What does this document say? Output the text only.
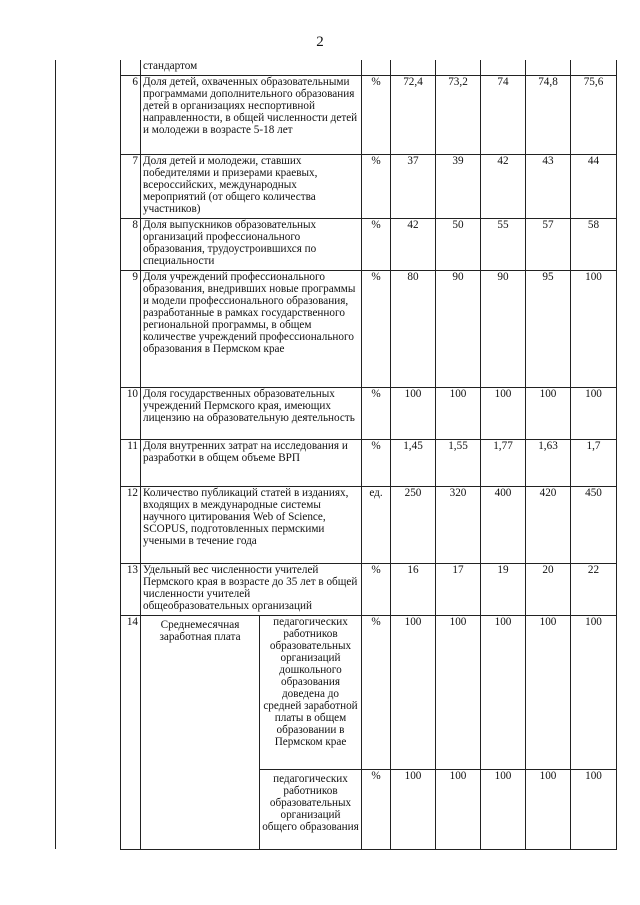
2
		стандартом							
	6	Доля детей, охваченных образовательными программами дополнительного образования детей в организациях неспортивной направленности, в общей численности детей и молодежи в возрасте 5-18 лет		%	72,4	73,2	74	74,8	75,6
	7	Доля детей и молодежи, ставших победителями и призерами краевых, всероссийских, международных мероприятий (от общего количества участников)		%	37	39	42	43	44
	8	Доля выпускников образовательных организаций профессионального образования, трудоустроившихся по специальности		%	42	50	55	57	58
	9	Доля учреждений профессионального образования, внедривших новые программы и модели профессионального образования, разработанные в рамках государственного региональной программы, в общем количестве учреждений профессионального образования в Пермском крае		%	80	90	90	95	100
	10	Доля государственных образовательных учреждений Пермского края, имеющих лицензию на образовательную деятельность		%	100	100	100	100	100
	11	Доля внутренних затрат на исследования и разработки в общем объеме ВРП		%	1,45	1,55	1,77	1,63	1,7
	12	Количество публикаций статей в изданиях, входящих в международные системы научного цитирования Web of Science, SCOPUS, подготовленных пермскими учеными в течение года		ед.	250	320	400	420	450
	13	Удельный вес численности учителей Пермского края в возрасте до 35 лет в общей численности учителей общеобразовательных организаций		%	16	17	19	20	22
	14	Среднемесячная заработная плата	педагогических работников образовательных организаций дошкольного образования доведена до средней заработной платы в общем образовании в Пермском крае	%	100	100	100	100	100
			педагогических работников образовательных организаций общего образования	%	100	100	100	100	100
